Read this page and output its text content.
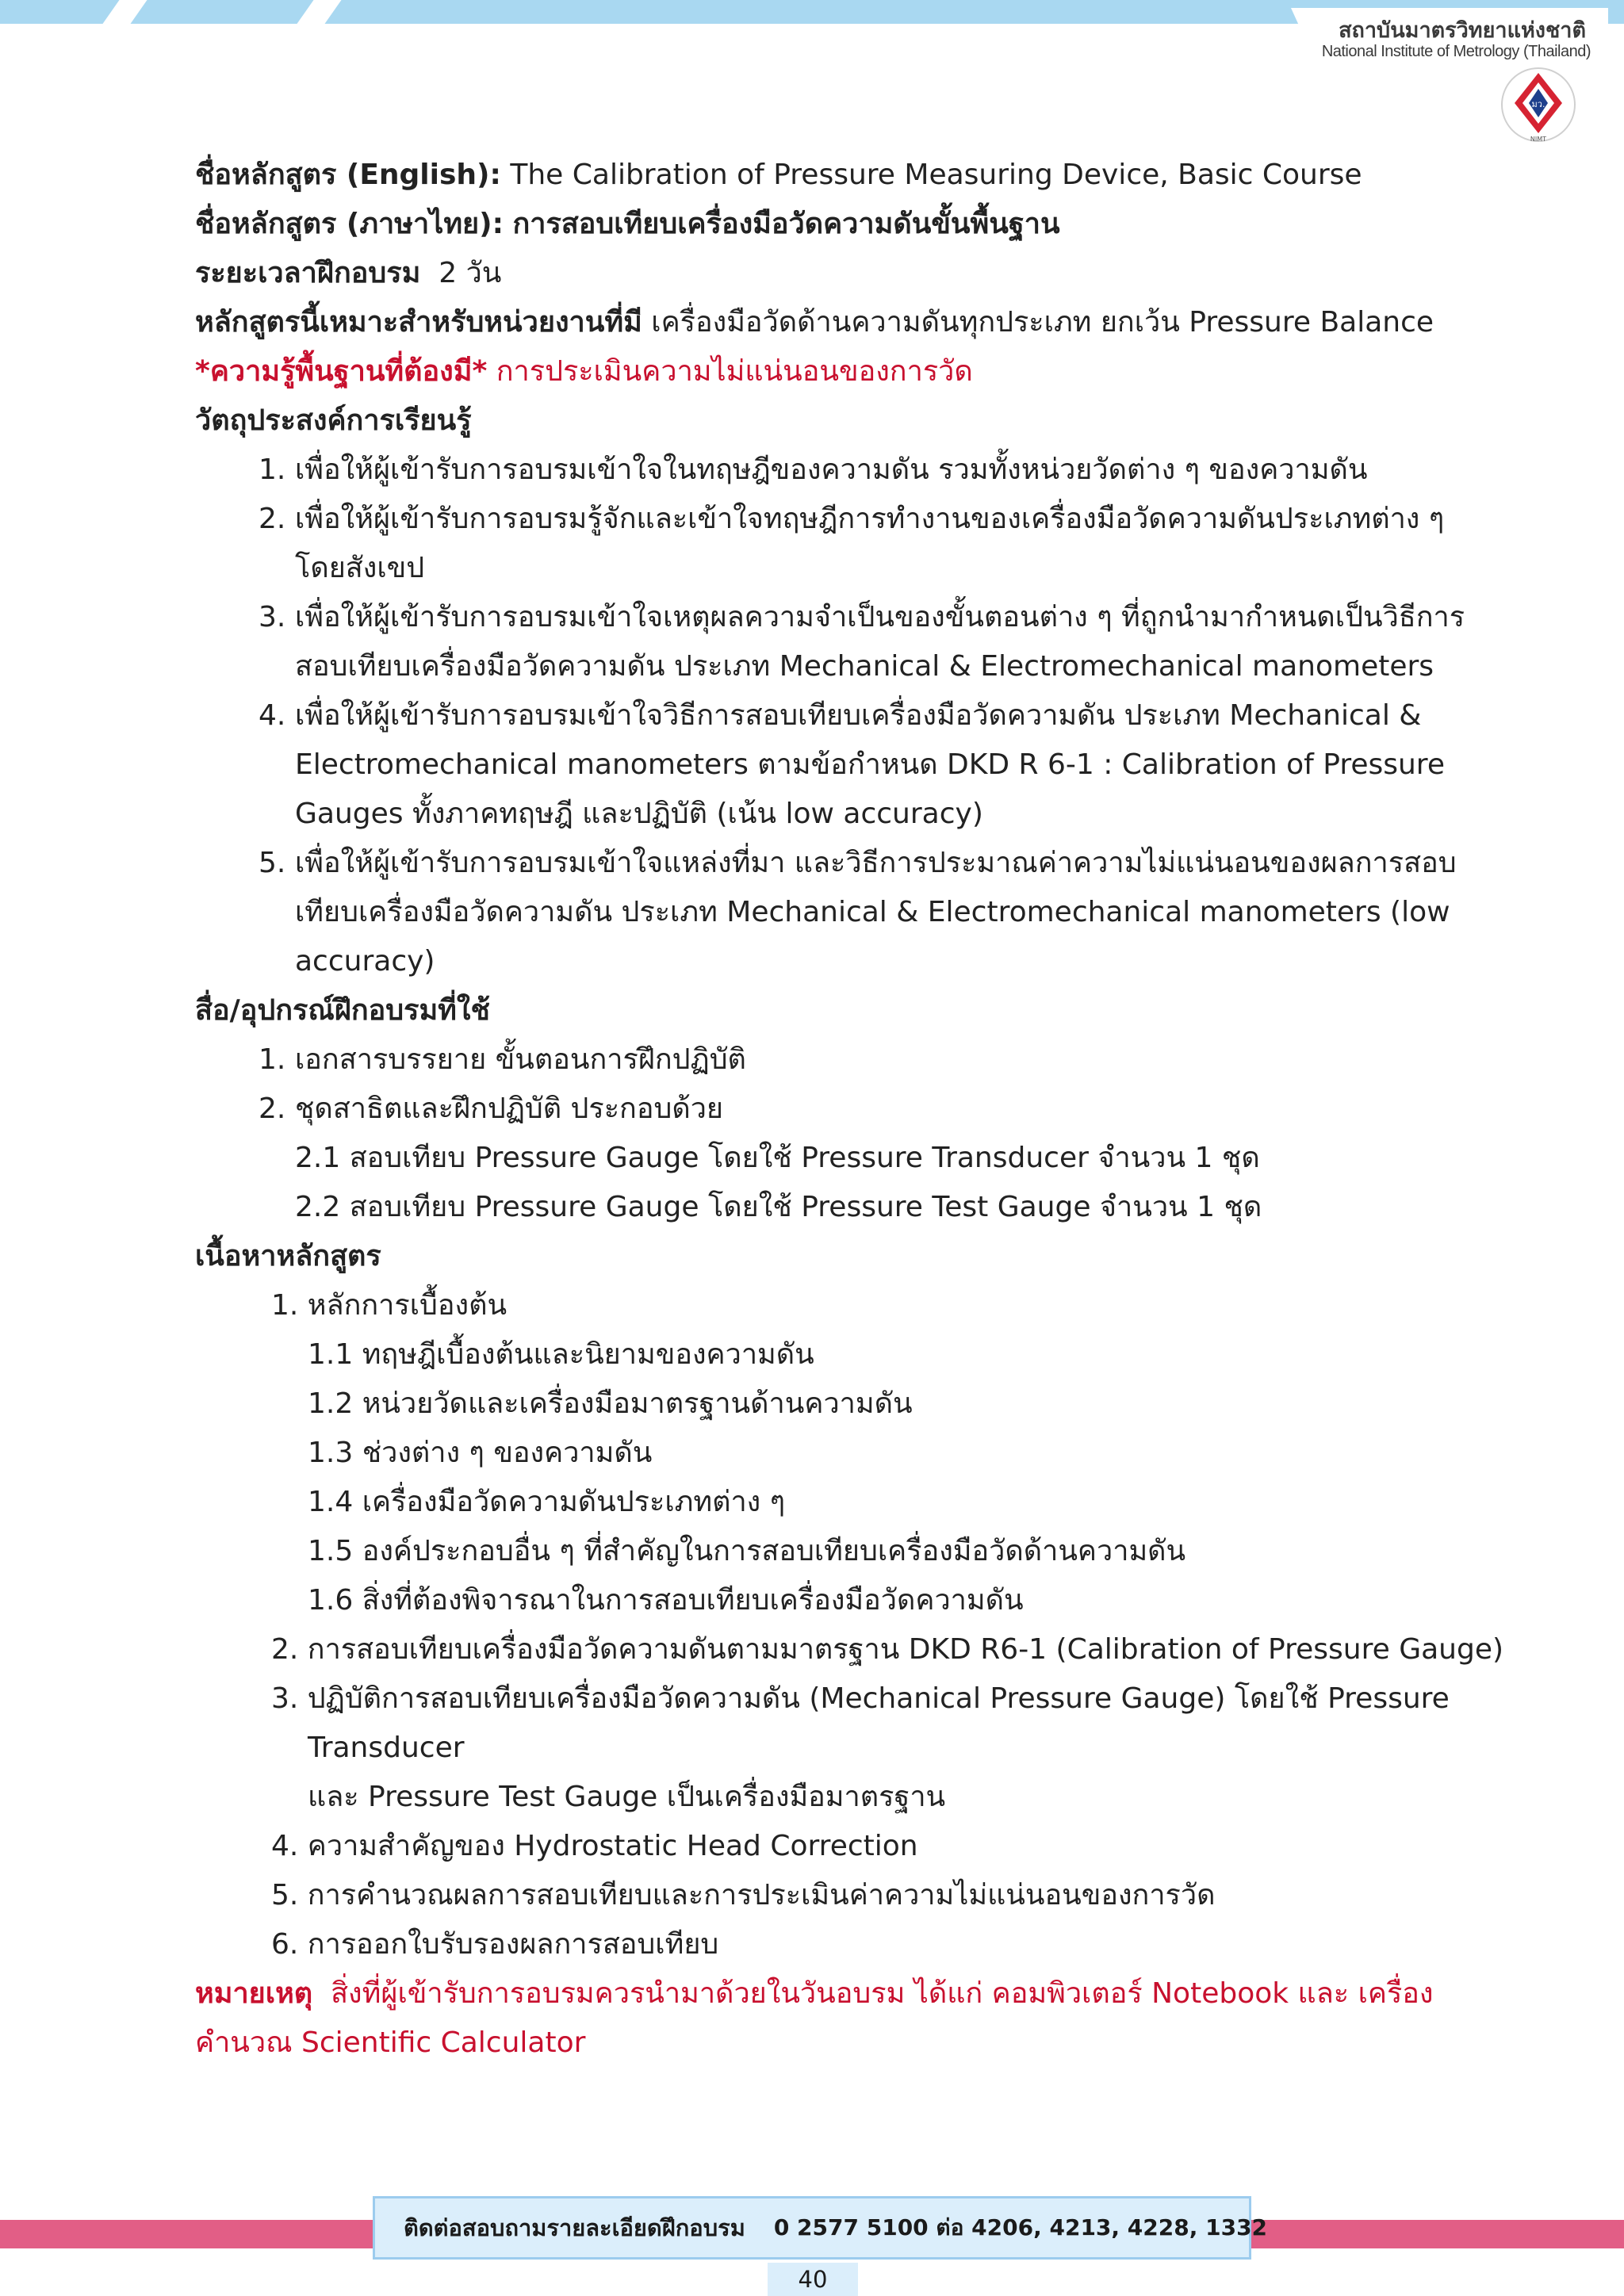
สถาบันมาตรวิทยาแห่งชาติ
National Institute of Metrology (Thailand)
มว.
NIMT
ชื่อหลักสูตร (English): The Calibration of Pressure Measuring Device, Basic Course
ชื่อหลักสูตร (ภาษาไทย): การสอบเทียบเครื่องมือวัดความดันขั้นพื้นฐาน
ระยะเวลาฝึกอบรม 2 วัน
หลักสูตรนี้เหมาะสำหรับหน่วยงานที่มี เครื่องมือวัดด้านความดันทุกประเภท ยกเว้น Pressure Balance
*ความรู้พื้นฐานที่ต้องมี* การประเมินความไม่แน่นอนของการวัด
วัตถุประสงค์การเรียนรู้
1. เพื่อให้ผู้เข้ารับการอบรมเข้าใจในทฤษฎีของความดัน รวมทั้งหน่วยวัดต่าง ๆ ของความดัน
2. เพื่อให้ผู้เข้ารับการอบรมรู้จักและเข้าใจทฤษฎีการทำงานของเครื่องมือวัดความดันประเภทต่าง ๆ
โดยสังเขป
3. เพื่อให้ผู้เข้ารับการอบรมเข้าใจเหตุผลความจำเป็นของขั้นตอนต่าง ๆ ที่ถูกนำมากำหนดเป็นวิธีการ
สอบเทียบเครื่องมือวัดความดัน ประเภท Mechanical & Electromechanical manometers
4. เพื่อให้ผู้เข้ารับการอบรมเข้าใจวิธีการสอบเทียบเครื่องมือวัดความดัน ประเภท Mechanical &
Electromechanical manometers ตามข้อกำหนด DKD R 6-1 : Calibration of Pressure
Gauges ทั้งภาคทฤษฎี และปฏิบัติ (เน้น low accuracy)
5. เพื่อให้ผู้เข้ารับการอบรมเข้าใจแหล่งที่มา และวิธีการประมาณค่าความไม่แน่นอนของผลการสอบ
เทียบเครื่องมือวัดความดัน ประเภท Mechanical & Electromechanical manometers (low
accuracy)
สื่อ/อุปกรณ์ฝึกอบรมที่ใช้
1. เอกสารบรรยาย ขั้นตอนการฝึกปฏิบัติ
2. ชุดสาธิตและฝึกปฏิบัติ ประกอบด้วย
2.1 สอบเทียบ Pressure Gauge โดยใช้ Pressure Transducer จำนวน 1 ชุด
2.2 สอบเทียบ Pressure Gauge โดยใช้ Pressure Test Gauge จำนวน 1 ชุด
เนื้อหาหลักสูตร
1. หลักการเบื้องต้น
1.1 ทฤษฎีเบื้องต้นและนิยามของความดัน
1.2 หน่วยวัดและเครื่องมือมาตรฐานด้านความดัน
1.3 ช่วงต่าง ๆ ของความดัน
1.4 เครื่องมือวัดความดันประเภทต่าง ๆ
1.5 องค์ประกอบอื่น ๆ ที่สำคัญในการสอบเทียบเครื่องมือวัดด้านความดัน
1.6 สิ่งที่ต้องพิจารณาในการสอบเทียบเครื่องมือวัดความดัน
2. การสอบเทียบเครื่องมือวัดความดันตามมาตรฐาน DKD R6-1 (Calibration of Pressure Gauge)
3. ปฏิบัติการสอบเทียบเครื่องมือวัดความดัน (Mechanical Pressure Gauge) โดยใช้ Pressure
Transducer
และ Pressure Test Gauge เป็นเครื่องมือมาตรฐาน
4. ความสำคัญของ Hydrostatic Head Correction
5. การคำนวณผลการสอบเทียบและการประเมินค่าความไม่แน่นอนของการวัด
6. การออกใบรับรองผลการสอบเทียบ
หมายเหตุ สิ่งที่ผู้เข้ารับการอบรมควรนำมาด้วยในวันอบรม ได้แก่ คอมพิวเตอร์ Notebook และ เครื่อง
คำนวณ Scientific Calculator
ติดต่อสอบถามรายละเอียดฝึกอบรม 0 2577 5100 ต่อ 4206, 4213, 4228, 1332
40
